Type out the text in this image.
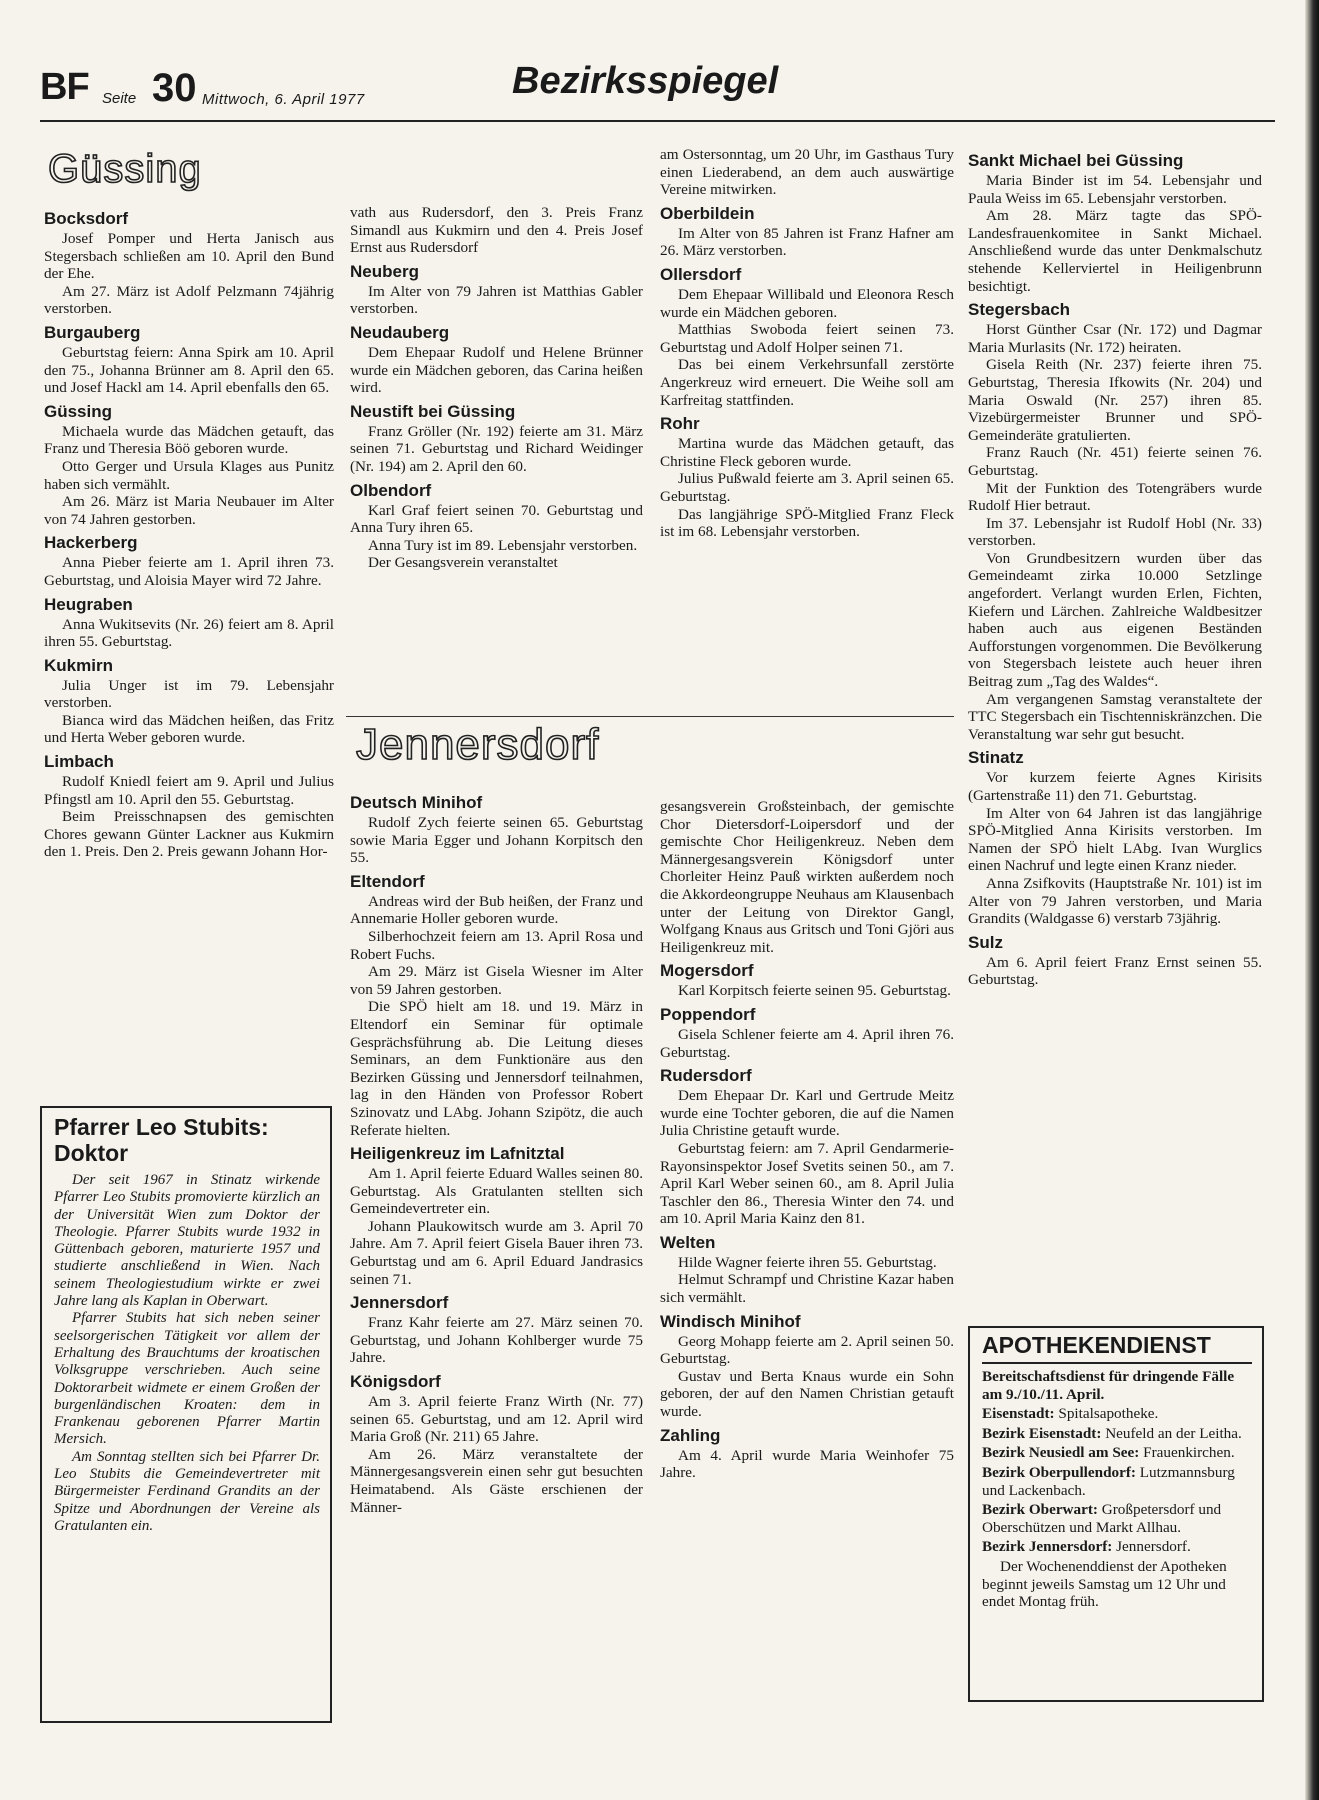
BF Seite 30 Mittwoch, 6. April 1977	Bezirksspiegel
Güssing
Bocksdorf

Josef Pomper und Herta Janisch aus Stegersbach schließen am 10. April den Bund der Ehe.

Am 27. März ist Adolf Pelzmann 74jährig verstorben.

Burgauberg

Geburtstag feiern: Anna Spirk am 10. April den 75., Johanna Brünner am 8. April den 65. und Josef Hackl am 14. April ebenfalls den 65.

Güssing

Michaela wurde das Mädchen getauft, das Franz und Theresia Böö geboren wurde.

Otto Gerger und Ursula Klages aus Punitz haben sich vermählt.

Am 26. März ist Maria Neubauer im Alter von 74 Jahren gestorben.

Hackerberg

Anna Pieber feierte am 1. April ihren 73. Geburtstag, und Aloisia Mayer wird 72 Jahre.

Heugraben

Anna Wukitsevits (Nr. 26) feiert am 8. April ihren 55. Geburtstag.

Kukmirn

Julia Unger ist im 79. Lebensjahr verstorben.

Bianca wird das Mädchen heißen, das Fritz und Herta Weber geboren wurde.

Limbach

Rudolf Kniedl feiert am 9. April und Julius Pfingstl am 10. April den 55. Geburtstag.

Beim Preisschnapsen des gemischten Chores gewann Günter Lackner aus Kukmirn den 1. Preis. Den 2. Preis gewann Johann Hor-

vath aus Rudersdorf, den 3. Preis Franz Simandl aus Kukmirn und den 4. Preis Josef Ernst aus Rudersdorf

Neuberg

Im Alter von 79 Jahren ist Matthias Gabler verstorben.

Neudauberg

Dem Ehepaar Rudolf und Helene Brünner wurde ein Mädchen geboren, das Carina heißen wird.

Neustift bei Güssing

Franz Gröller (Nr. 192) feierte am 31. März seinen 71. Geburtstag und Richard Weidinger (Nr. 194) am 2. April den 60.

Olbendorf

Karl Graf feiert seinen 70. Geburtstag und Anna Tury ihren 65.

Anna Tury ist im 89. Lebensjahr verstorben.

Der Gesangsverein veranstaltet

am Ostersonntag, um 20 Uhr, im Gasthaus Tury einen Liederabend, an dem auch auswärtige Vereine mitwirken.

Oberbildein

Im Alter von 85 Jahren ist Franz Hafner am 26. März verstorben.

Ollersdorf

Dem Ehepaar Willibald und Eleonora Resch wurde ein Mädchen geboren.

Matthias Swoboda feiert seinen 73. Geburtstag und Adolf Holper seinen 71.

Das bei einem Verkehrsunfall zerstörte Angerkreuz wird erneuert. Die Weihe soll am Karfreitag stattfinden.

Rohr

Martina wurde das Mädchen getauft, das Christine Fleck geboren wurde.

Julius Pußwald feierte am 3. April seinen 65. Geburtstag.

Das langjährige SPÖ-Mitglied Franz Fleck ist im 68. Lebensjahr verstorben.

Pfarrer Leo Stubits: Doktor

Der seit 1967 in Stinatz wirkende Pfarrer Leo Stubits promovierte kürzlich an der Universität Wien zum Doktor der Theologie. Pfarrer Stubits wurde 1932 in Güttenbach geboren, maturierte 1957 und studierte anschließend in Wien. Nach seinem Theologiestudium wirkte er zwei Jahre lang als Kaplan in Oberwart.

Pfarrer Stubits hat sich neben seiner seelsorgerischen Tätigkeit vor allem der Erhaltung des Brauchtums der kroatischen Volksgruppe verschrieben. Auch seine Doktorarbeit widmete er einem Großen der burgenländischen Kroaten: dem in Frankenau geborenen Pfarrer Martin Mersich.

Am Sonntag stellten sich bei Pfarrer Dr. Leo Stubits die Gemeindevertreter mit Bürgermeister Ferdinand Grandits an der Spitze und Abordnungen der Vereine als Gratulanten ein.

Jennersdorf
Deutsch Minihof

Rudolf Zych feierte seinen 65. Geburtstag sowie Maria Egger und Johann Korpitsch den 55.

Eltendorf

Andreas wird der Bub heißen, der Franz und Annemarie Holler geboren wurde.

Silberhochzeit feiern am 13. April Rosa und Robert Fuchs.

Am 29. März ist Gisela Wiesner im Alter von 59 Jahren gestorben.

Die SPÖ hielt am 18. und 19. März in Eltendorf ein Seminar für optimale Gesprächsführung ab. Die Leitung dieses Seminars, an dem Funktionäre aus den Bezirken Güssing und Jennersdorf teilnahmen, lag in den Händen von Professor Robert Szinovatz und LAbg. Johann Szipötz, die auch Referate hielten.

Heiligenkreuz im Lafnitztal

Am 1. April feierte Eduard Walles seinen 80. Geburtstag. Als Gratulanten stellten sich Gemeindevertreter ein.

Johann Plaukowitsch wurde am 3. April 70 Jahre. Am 7. April feiert Gisela Bauer ihren 73. Geburtstag und am 6. April Eduard Jandrasics seinen 71.

Jennersdorf

Franz Kahr feierte am 27. März seinen 70. Geburtstag, und Johann Kohlberger wurde 75 Jahre.

Königsdorf

Am 3. April feierte Franz Wirth (Nr. 77) seinen 65. Geburtstag, und am 12. April wird Maria Groß (Nr. 211) 65 Jahre.

Am 26. März veranstaltete der Männergesangsverein einen sehr gut besuchten Heimatabend. Als Gäste erschienen der Männer-

gesangsverein Großsteinbach, der gemischte Chor Dietersdorf-Loipersdorf und der gemischte Chor Heiligenkreuz. Neben dem Männergesangsverein Königsdorf unter Chorleiter Heinz Pauß wirkten außerdem noch die Akkordeongruppe Neuhaus am Klausenbach unter der Leitung von Direktor Gangl, Wolfgang Knaus aus Gritsch und Toni Gjöri aus Heiligenkreuz mit.

Mogersdorf

Karl Korpitsch feierte seinen 95. Geburtstag.

Poppendorf

Gisela Schlener feierte am 4. April ihren 76. Geburtstag.

Rudersdorf

Dem Ehepaar Dr. Karl und Gertrude Meitz wurde eine Tochter geboren, die auf die Namen Julia Christine getauft wurde.

Geburtstag feiern: am 7. April Gendarmerie-Rayonsinspektor Josef Svetits seinen 50., am 7. April Karl Weber seinen 60., am 8. April Julia Taschler den 86., Theresia Winter den 74. und am 10. April Maria Kainz den 81.

Welten

Hilde Wagner feierte ihren 55. Geburtstag.

Helmut Schrampf und Christine Kazar haben sich vermählt.

Windisch Minihof

Georg Mohapp feierte am 2. April seinen 50. Geburtstag.

Gustav und Berta Knaus wurde ein Sohn geboren, der auf den Namen Christian getauft wurde.

Zahling

Am 4. April wurde Maria Weinhofer 75 Jahre.

Sankt Michael bei Güssing

Maria Binder ist im 54. Lebensjahr und Paula Weiss im 65. Lebensjahr verstorben.

Am 28. März tagte das SPÖ-Landesfrauenkomitee in Sankt Michael. Anschließend wurde das unter Denkmalschutz stehende Kellerviertel in Heiligenbrunn besichtigt.

Stegersbach

Horst Günther Csar (Nr. 172) und Dagmar Maria Murlasits (Nr. 172) heiraten.

Gisela Reith (Nr. 237) feierte ihren 75. Geburtstag, Theresia Ifkowits (Nr. 204) und Maria Oswald (Nr. 257) ihren 85. Vizebürgermeister Brunner und SPÖ-Gemeinderäte gratulierten.

Franz Rauch (Nr. 451) feierte seinen 76. Geburtstag.

Mit der Funktion des Totengräbers wurde Rudolf Hier betraut.

Im 37. Lebensjahr ist Rudolf Hobl (Nr. 33) verstorben.

Von Grundbesitzern wurden über das Gemeindeamt zirka 10.000 Setzlinge angefordert. Verlangt wurden Erlen, Fichten, Kiefern und Lärchen. Zahlreiche Waldbesitzer haben auch aus eigenen Beständen Aufforstungen vorgenommen. Die Bevölkerung von Stegersbach leistete auch heuer ihren Beitrag zum „Tag des Waldes“.

Am vergangenen Samstag veranstaltete der TTC Stegersbach ein Tischtenniskränzchen. Die Veranstaltung war sehr gut besucht.

Stinatz

Vor kurzem feierte Agnes Kirisits (Gartenstraße 11) den 71. Geburtstag.

Im Alter von 64 Jahren ist das langjährige SPÖ-Mitglied Anna Kirisits verstorben. Im Namen der SPÖ hielt LAbg. Ivan Wurglics einen Nachruf und legte einen Kranz nieder.

Anna Zsifkovits (Hauptstraße Nr. 101) ist im Alter von 79 Jahren verstorben, und Maria Grandits (Waldgasse 6) verstarb 73jährig.

Sulz

Am 6. April feiert Franz Ernst seinen 55. Geburtstag.

APOTHEKENDIENST

Bereitschaftsdienst für dringende Fälle am 9./10./11. April.

Eisenstadt: Spitalsapotheke.

Bezirk Eisenstadt: Neufeld an der Leitha.

Bezirk Neusiedl am See: Frauenkirchen.

Bezirk Oberpullendorf: Lutzmannsburg und Lackenbach.

Bezirk Oberwart: Großpetersdorf und Oberschützen und Markt Allhau.

Bezirk Jennersdorf: Jennersdorf.

Der Wochenenddienst der Apotheken beginnt jeweils Samstag um 12 Uhr und endet Montag früh.
